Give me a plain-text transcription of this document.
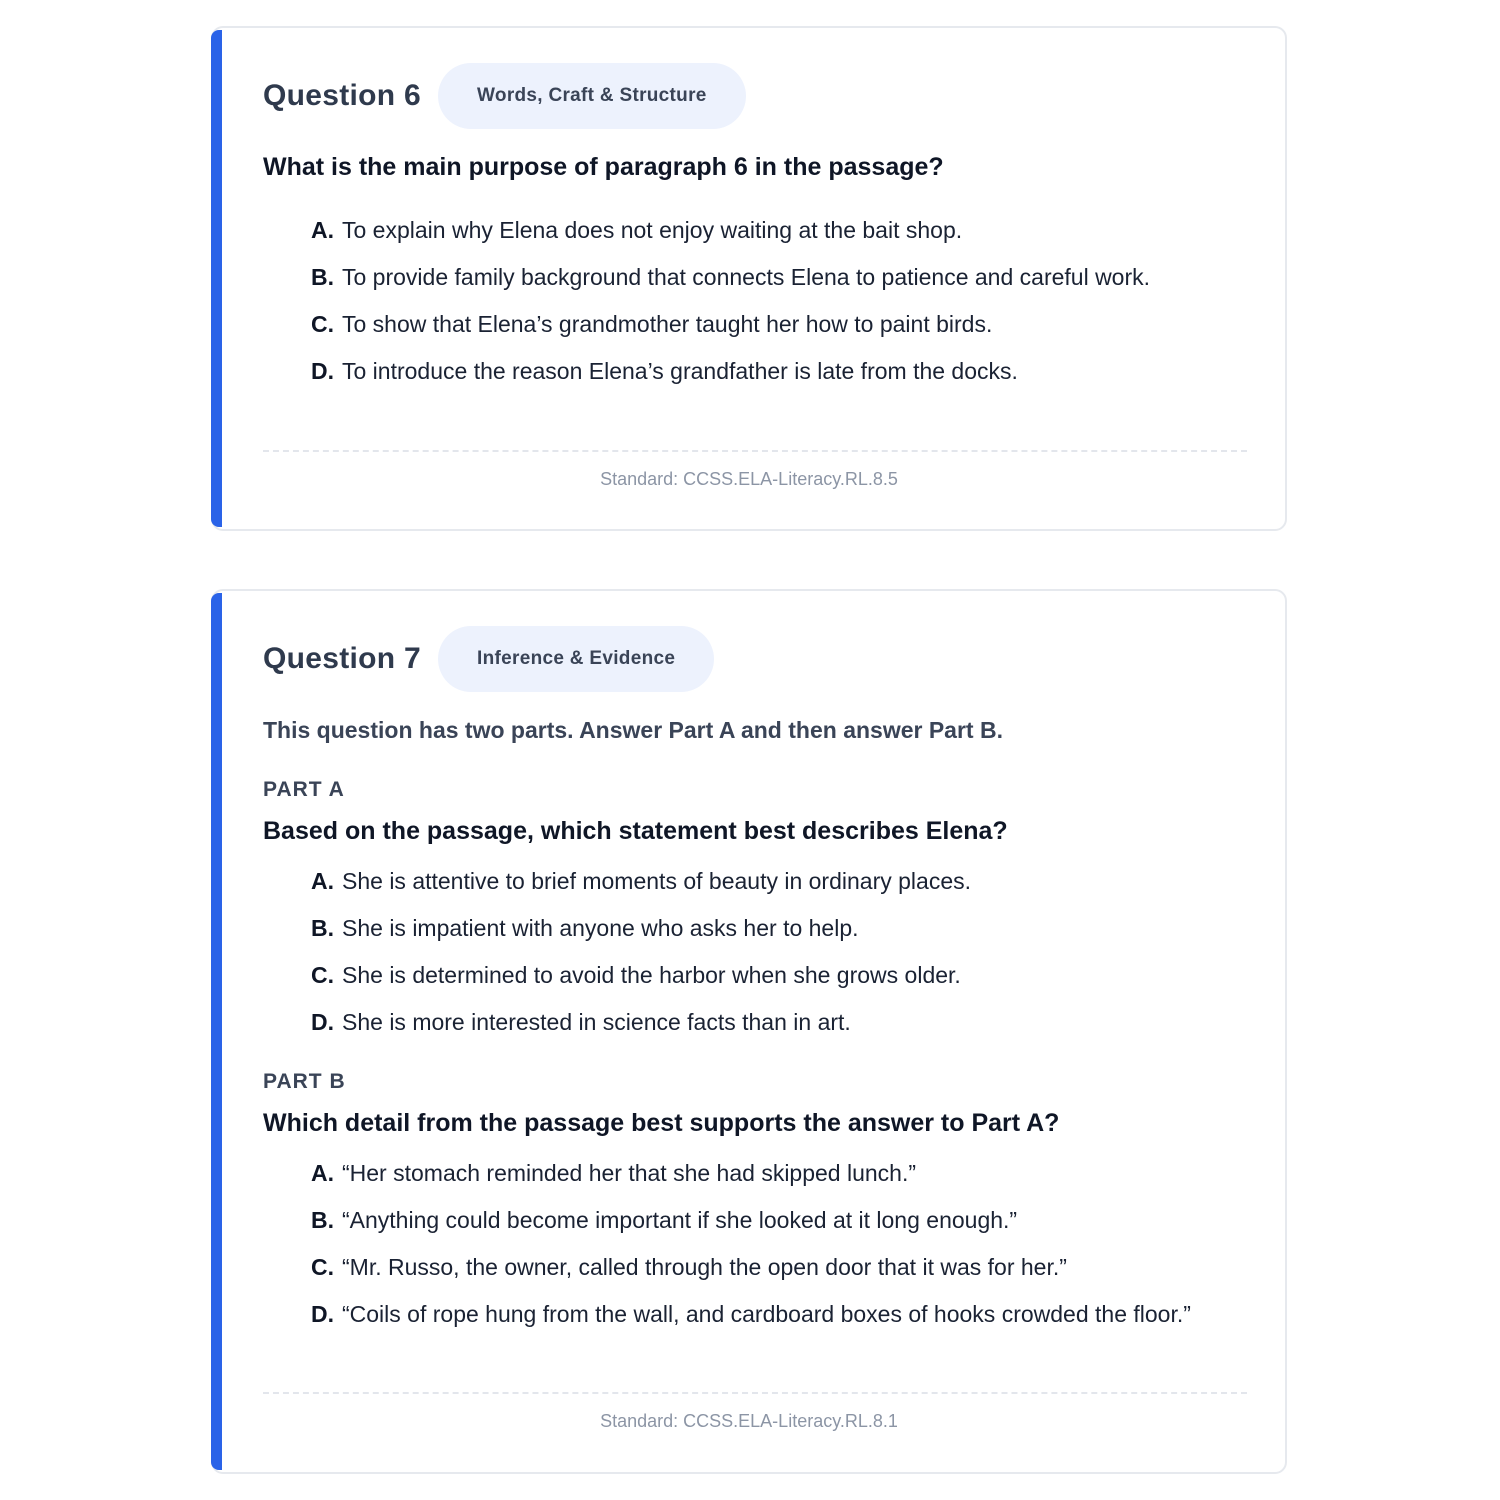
Question 6	Words, Craft & Structure
What is the main purpose of paragraph 6 in the passage?
A. To explain why Elena does not enjoy waiting at the bait shop.
B. To provide family background that connects Elena to patience and careful work.
C. To show that Elena’s grandmother taught her how to paint birds.
D. To introduce the reason Elena’s grandfather is late from the docks.
Standard: CCSS.ELA-Literacy.RL.8.5
Question 7	Inference & Evidence
This question has two parts. Answer Part A and then answer Part B.
PART A
Based on the passage, which statement best describes Elena?
A. She is attentive to brief moments of beauty in ordinary places.
B. She is impatient with anyone who asks her to help.
C. She is determined to avoid the harbor when she grows older.
D. She is more interested in science facts than in art.
PART B
Which detail from the passage best supports the answer to Part A?
A. “Her stomach reminded her that she had skipped lunch.”
B. “Anything could become important if she looked at it long enough.”
C. “Mr. Russo, the owner, called through the open door that it was for her.”
D. “Coils of rope hung from the wall, and cardboard boxes of hooks crowded the floor.”
Standard: CCSS.ELA-Literacy.RL.8.1
